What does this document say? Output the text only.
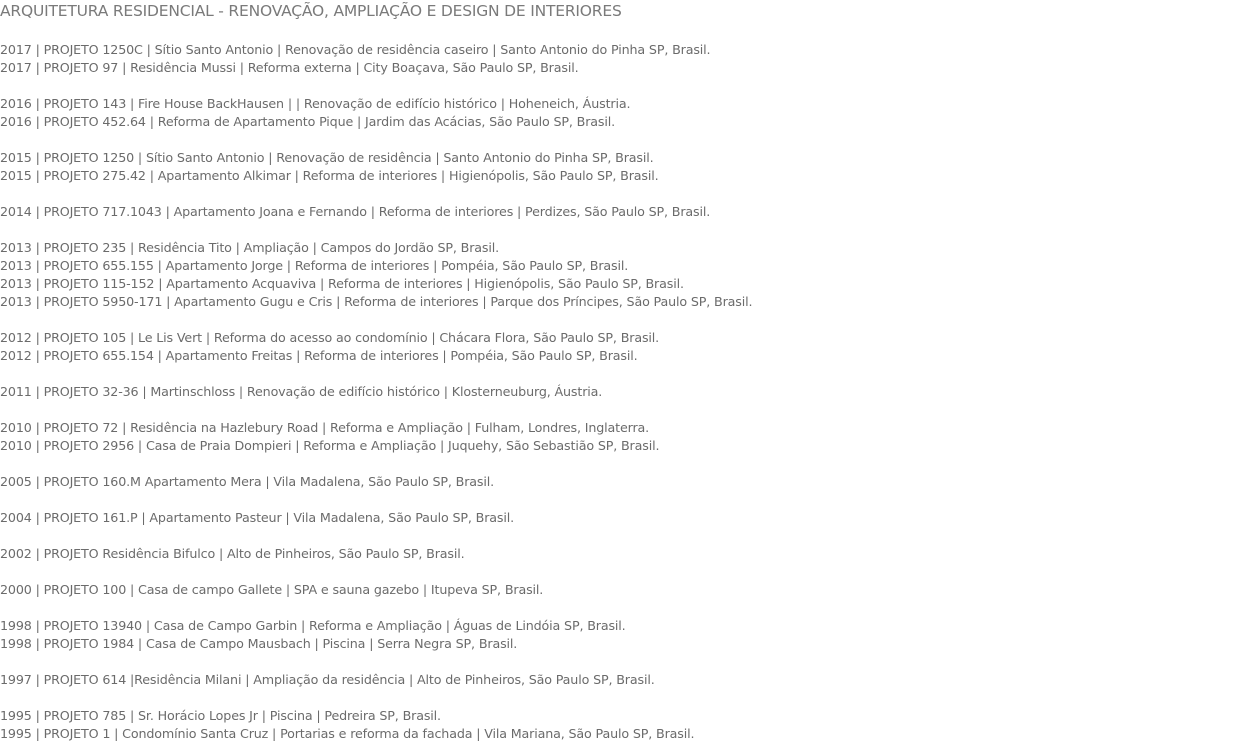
ARQUITETURA RESIDENCIAL - RENOVAÇÃO, AMPLIAÇÃO E DESIGN DE INTERIORES
2017 | PROJETO 1250C | Sítio Santo Antonio | Renovação de residência caseiro | Santo Antonio do Pinha SP, Brasil.
2017 | PROJETO 97 | Residência Mussi | Reforma externa | City Boaçava, São Paulo SP, Brasil.
2016 | PROJETO 143 | Fire House BackHausen | | Renovação de edifício histórico | Hoheneich, Áustria.
2016 | PROJETO 452.64 | Reforma de Apartamento Pique | Jardim das Acácias, São Paulo SP, Brasil.
2015 | PROJETO 1250 | Sítio Santo Antonio | Renovação de residência | Santo Antonio do Pinha SP, Brasil.
2015 | PROJETO 275.42 | Apartamento Alkimar | Reforma de interiores | Higienópolis, São Paulo SP, Brasil.
2014 | PROJETO 717.1043 | Apartamento Joana e Fernando | Reforma de interiores | Perdizes, São Paulo SP, Brasil.
2013 | PROJETO 235 | Residência Tito | Ampliação | Campos do Jordão SP, Brasil.
2013 | PROJETO 655.155 | Apartamento Jorge | Reforma de interiores | Pompéia, São Paulo SP, Brasil.
2013 | PROJETO 115-152 | Apartamento Acquaviva | Reforma de interiores | Higienópolis, São Paulo SP, Brasil.
2013 | PROJETO 5950-171 | Apartamento Gugu e Cris | Reforma de interiores | Parque dos Príncipes, São Paulo SP, Brasil.
2012 | PROJETO 105 | Le Lis Vert | Reforma do acesso ao condomínio | Chácara Flora, São Paulo SP, Brasil.
2012 | PROJETO 655.154 | Apartamento Freitas | Reforma de interiores | Pompéia, São Paulo SP, Brasil.
2011 | PROJETO 32-36 | Martinschloss | Renovação de edifício histórico | Klosterneuburg, Áustria.
2010 | PROJETO 72 | Residência na Hazlebury Road | Reforma e Ampliação | Fulham, Londres, Inglaterra.
2010 | PROJETO 2956 | Casa de Praia Dompieri | Reforma e Ampliação | Juquehy, São Sebastião SP, Brasil.
2005 | PROJETO 160.M Apartamento Mera | Vila Madalena, São Paulo SP, Brasil.
2004 | PROJETO 161.P | Apartamento Pasteur | Vila Madalena, São Paulo SP, Brasil.
2002 | PROJETO Residência Bifulco | Alto de Pinheiros, São Paulo SP, Brasil.
2000 | PROJETO 100 | Casa de campo Gallete | SPA e sauna gazebo | Itupeva SP, Brasil.
1998 | PROJETO 13940 | Casa de Campo Garbin | Reforma e Ampliação | Águas de Lindóia SP, Brasil.
1998 | PROJETO 1984 | Casa de Campo Mausbach | Piscina | Serra Negra SP, Brasil.
1997 | PROJETO 614 |Residência Milani | Ampliação da residência | Alto de Pinheiros, São Paulo SP, Brasil.
1995 | PROJETO 785 | Sr. Horácio Lopes Jr | Piscina | Pedreira SP, Brasil.
1995 | PROJETO 1 | Condomínio Santa Cruz | Portarias e reforma da fachada | Vila Mariana, São Paulo SP, Brasil.
